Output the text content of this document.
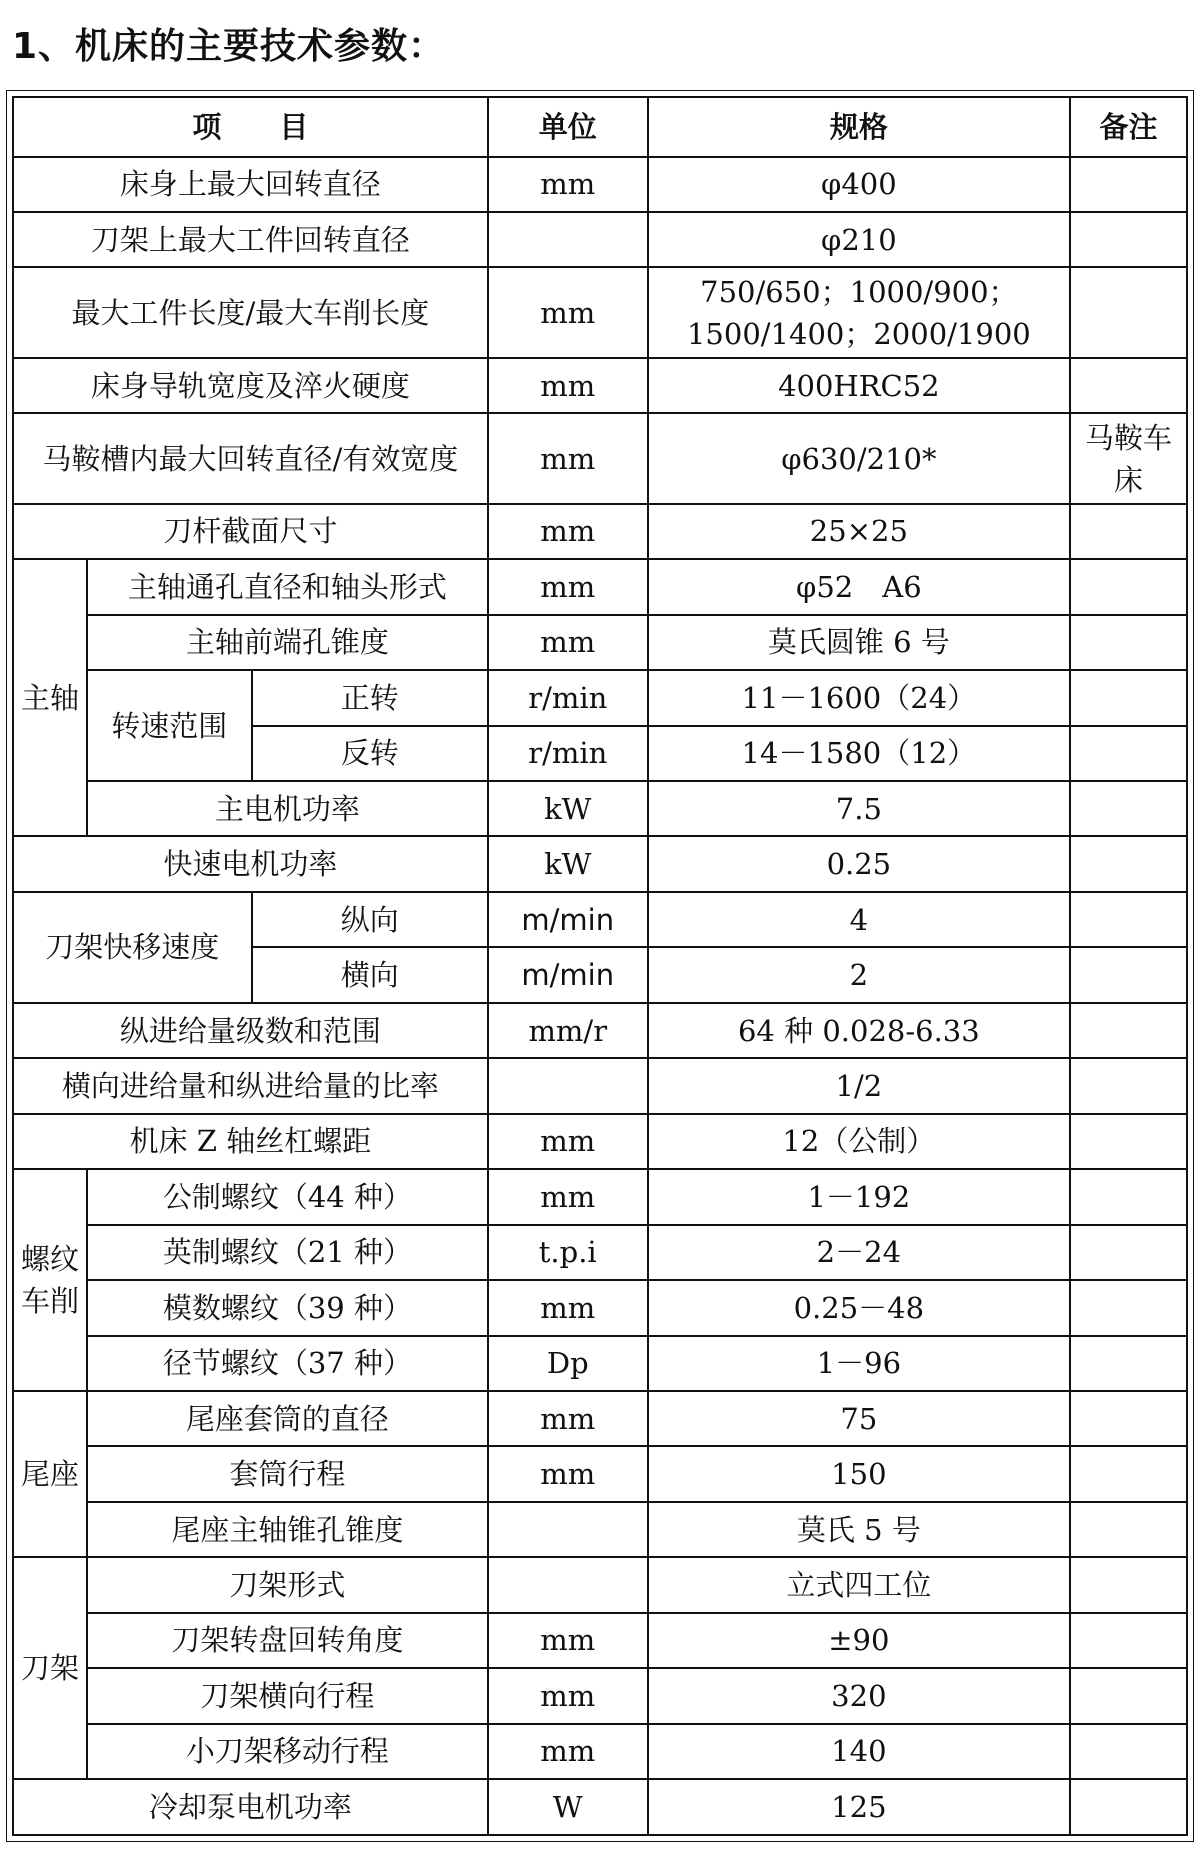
1、机床的主要技术参数：
项　　目			单位	规格	备注
床身上最大回转直径			mm	φ400	
刀架上最大工件回转直径				φ210	
最大工件长度/最大车削长度			mm	750/650；1000/900；1500/1400；2000/1900	
床身导轨宽度及淬火硬度			mm	400HRC52	
马鞍槽内最大回转直径/有效宽度			mm	φ630/210*	马鞍车床
刀杆截面尺寸			mm	25×25	
主轴	主轴通孔直径和轴头形式		mm	φ52　A6	
	主轴前端孔锥度		mm	莫氏圆锥 6 号	
	转速范围	正转	r/min	11－1600（24）	
		反转	r/min	14－1580（12）	
	主电机功率		kW	7.5	
快速电机功率			kW	0.25	
刀架快移速度		纵向	m/min	4	
		横向	m/min	2	
纵进给量级数和范围			mm/r	64 种 0.028-6.33	
横向进给量和纵进给量的比率				1/2	
机床 Z 轴丝杠螺距			mm	12（公制）	
螺纹车削	公制螺纹（44 种）		mm	1－192	
	英制螺纹（21 种）		t.p.i	2－24	
	模数螺纹（39 种）		mm	0.25－48	
	径节螺纹（37 种）		Dp	1－96	
尾座	尾座套筒的直径		mm	75	
	套筒行程		mm	150	
	尾座主轴锥孔锥度			莫氏 5 号	
刀架	刀架形式			立式四工位	
	刀架转盘回转角度		mm	±90	
	刀架横向行程		mm	320	
	小刀架移动行程		mm	140	
冷却泵电机功率			W	125	
